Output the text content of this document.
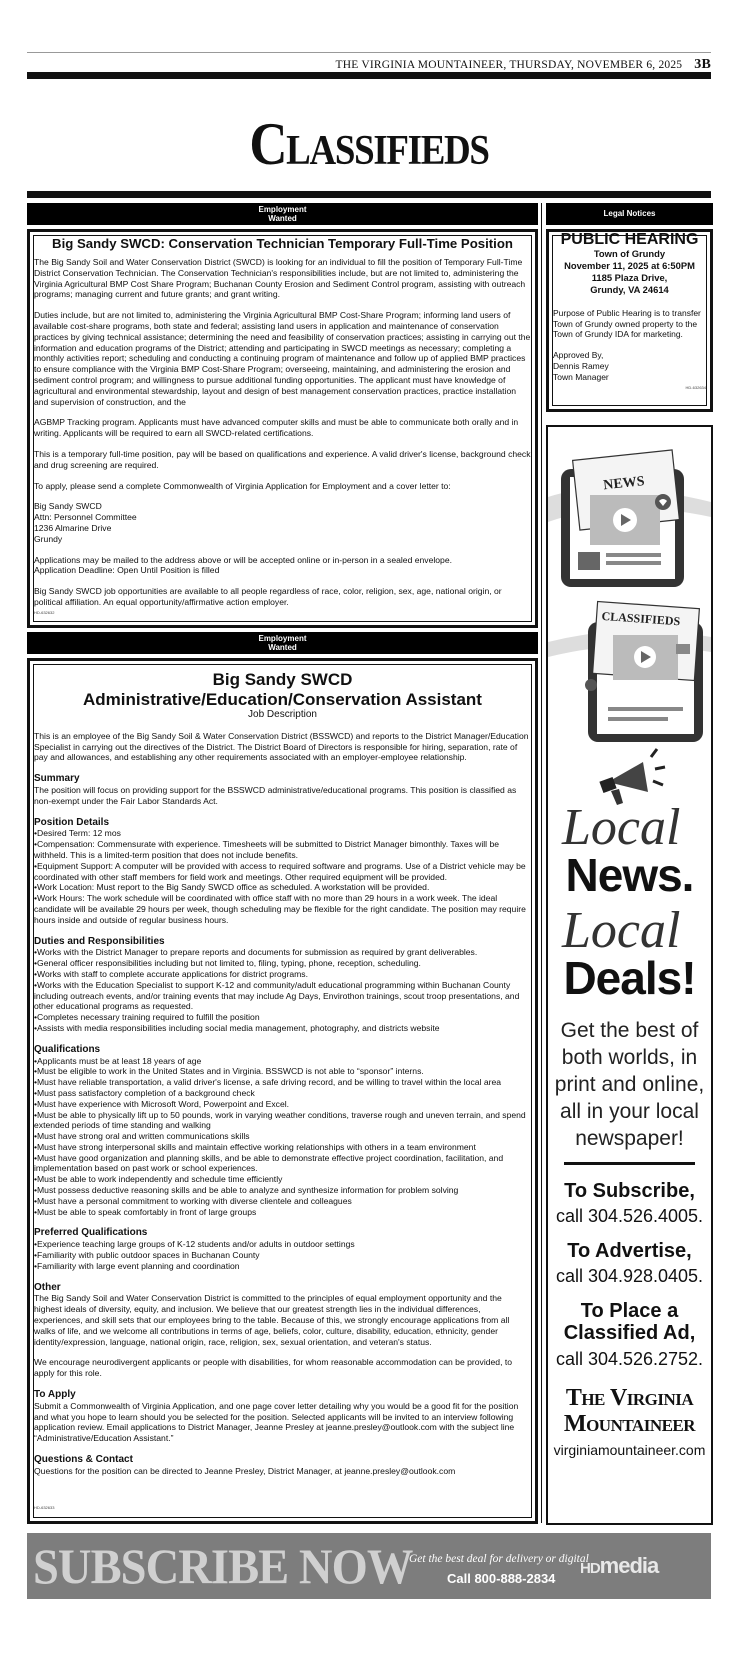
THE VIRGINIA MOUNTAINEER, THURSDAY, NOVEMBER 6, 2025 3B
Classifieds
Employment
Wanted
Legal Notices

Big Sandy SWCD: Conservation Technician Temporary Full-Time Position

The Big Sandy Soil and Water Conservation District (SWCD) is looking for an individual to fill the position of Temporary Full-Time District Conservation Technician. The Conservation Technician's responsibilities include, but are not limited to, administering the Virginia Agricultural BMP Cost Share Program; Buchanan County Erosion and Sediment Control program, assisting with outreach programs; managing current and future grants; and grant writing.

Duties include, but are not limited to, administering the Virginia Agricultural BMP Cost-Share Program; informing land users of available cost-share programs, both state and federal; assisting land users in application and maintenance of conservation practices by giving technical assistance; determining the need and feasibility of conservation practices; assisting in carrying out the information and education programs of the District; attending and participating in SWCD meetings as necessary; completing a monthly activities report; scheduling and conducting a continuing program of maintenance and follow up of applied BMP practices to ensure compliance with the Virginia BMP Cost-Share Program; overseeing, maintaining, and administering the erosion and sediment control program; and willingness to pursue additional funding opportunities. The applicant must have knowledge of agricultural and environmental stewardship, layout and design of best management conservation practices, practice installation and supervision of construction, and the

AGBMP Tracking program. Applicants must have advanced computer skills and must be able to communicate both orally and in writing. Applicants will be required to earn all SWCD-related certifications.

This is a temporary full-time position, pay will be based on qualifications and experience. A valid driver's license, background check and drug screening are required.

To apply, please send a complete Commonwealth of Virginia Application for Employment and a cover letter to:

Big Sandy SWCD

Attn: Personnel Committee

1236 Almarine Drive

Grundy

Applications may be mailed to the address above or will be accepted online or in-person in a sealed envelope.

Application Deadline: Open Until Position is filled

Big Sandy SWCD job opportunities are available to all people regardless of race, color, religion, sex, age, national origin, or political affiliation. An equal opportunity/affirmative action employer.

HD-632632

Employment
Wanted

Big Sandy SWCD

Administrative/Education/Conservation Assistant

Job Description

This is an employee of the Big Sandy Soil & Water Conservation District (BSSWCD) and reports to the District Manager/Education Specialist in carrying out the directives of the District. The District Board of Directors is responsible for hiring, separation, rate of pay and allowances, and establishing any other requirements associated with an employer-employee relationship.

Summary

The position will focus on providing support for the BSSWCD administrative/educational programs. This position is classified as non-exempt under the Fair Labor Standards Act.

Position Details

•Desired Term: 12 mos

•Compensation: Commensurate with experience. Timesheets will be submitted to District Manager bimonthly. Taxes will be withheld. This is a limited-term position that does not include benefits.

•Equipment Support: A computer will be provided with access to required software and programs. Use of a District vehicle may be coordinated with other staff members for field work and meetings. Other required equipment will be provided.

•Work Location: Must report to the Big Sandy SWCD office as scheduled. A workstation will be provided.

•Work Hours: The work schedule will be coordinated with office staff with no more than 29 hours in a work week. The ideal candidate will be available 29 hours per week, though scheduling may be flexible for the right candidate. The position may require hours inside and outside of regular business hours.

Duties and Responsibilities

•Works with the District Manager to prepare reports and documents for submission as required by grant deliverables.

•General officer responsibilities including but not limited to, filing, typing, phone, reception, scheduling.

•Works with staff to complete accurate applications for district programs.

•Works with the Education Specialist to support K-12 and community/adult educational programming within Buchanan County including outreach events, and/or training events that may include Ag Days, Envirothon trainings, scout troop presentations, and other educational programs as requested.

•Completes necessary training required to fulfill the position

•Assists with media responsibilities including social media management, photography, and districts website

Qualifications

•Applicants must be at least 18 years of age

•Must be eligible to work in the United States and in Virginia. BSSWCD is not able to “sponsor” interns.

•Must have reliable transportation, a valid driver's license, a safe driving record, and be willing to travel within the local area

•Must pass satisfactory completion of a background check

•Must have experience with Microsoft Word, Powerpoint and Excel.

•Must be able to physically lift up to 50 pounds, work in varying weather conditions, traverse rough and uneven terrain, and spend extended periods of time standing and walking

•Must have strong oral and written communications skills

•Must have strong interpersonal skills and maintain effective working relationships with others in a team environment

•Must have good organization and planning skills, and be able to demonstrate effective project coordination, facilitation, and implementation based on past work or school experiences.

•Must be able to work independently and schedule time efficiently

•Must possess deductive reasoning skills and be able to analyze and synthesize information for problem solving

•Must have a personal commitment to working with diverse clientele and colleagues

•Must be able to speak comfortably in front of large groups

Preferred Qualifications

•Experience teaching large groups of K-12 students and/or adults in outdoor settings

•Familiarity with public outdoor spaces in Buchanan County

•Familiarity with large event planning and coordination

Other

The Big Sandy Soil and Water Conservation District is committed to the principles of equal employment opportunity and the highest ideals of diversity, equity, and inclusion. We believe that our greatest strength lies in the individual differences, experiences, and skill sets that our employees bring to the table. Because of this, we strongly encourage applications from all walks of life, and we welcome all contributions in terms of age, beliefs, color, culture, disability, education, ethnicity, gender identity/expression, language, national origin, race, religion, sex, sexual orientation, and veteran's status.

We encourage neurodivergent applicants or people with disabilities, for whom reasonable accommodation can be provided, to apply for this role.

To Apply

Submit a Commonwealth of Virginia Application, and one page cover letter detailing why you would be a good fit for the position and what you hope to learn should you be selected for the position. Selected applicants will be invited to an interview following application review. Email applications to District Manager, Jeanne Presley at jeanne.presley@outlook.com with the subject line “Administrative/Education Assistant.”

Questions & Contact

Questions for the position can be directed to Jeanne Presley, District Manager, at jeanne.presley@outlook.com

HD-632633

PUBLIC HEARING

Town of Grundy

November 11, 2025 at 6:50PM

1185 Plaza Drive,

Grundy, VA 24614

Purpose of Public Hearing is to transfer Town of Grundy owned property to the Town of Grundy IDA for marketing.

Approved By,

Dennis Ramey

Town Manager

HD-632634

NEWS
CLASSIFIEDS
Local
News.
Local
Deals!
Get the best of
both worlds, in
print and online,
all in your local
newspaper!
To Subscribe,
call 304.526.4005.
To Advertise,
call 304.928.0405.
To Place a
Classified Ad,
call 304.526.2752.
The Virginia
Mountaineer
virginiamountaineer.com
SUBSCRIBE NOW
Get the best deal for delivery or digital
Call 800-888-2834
HDmedia
